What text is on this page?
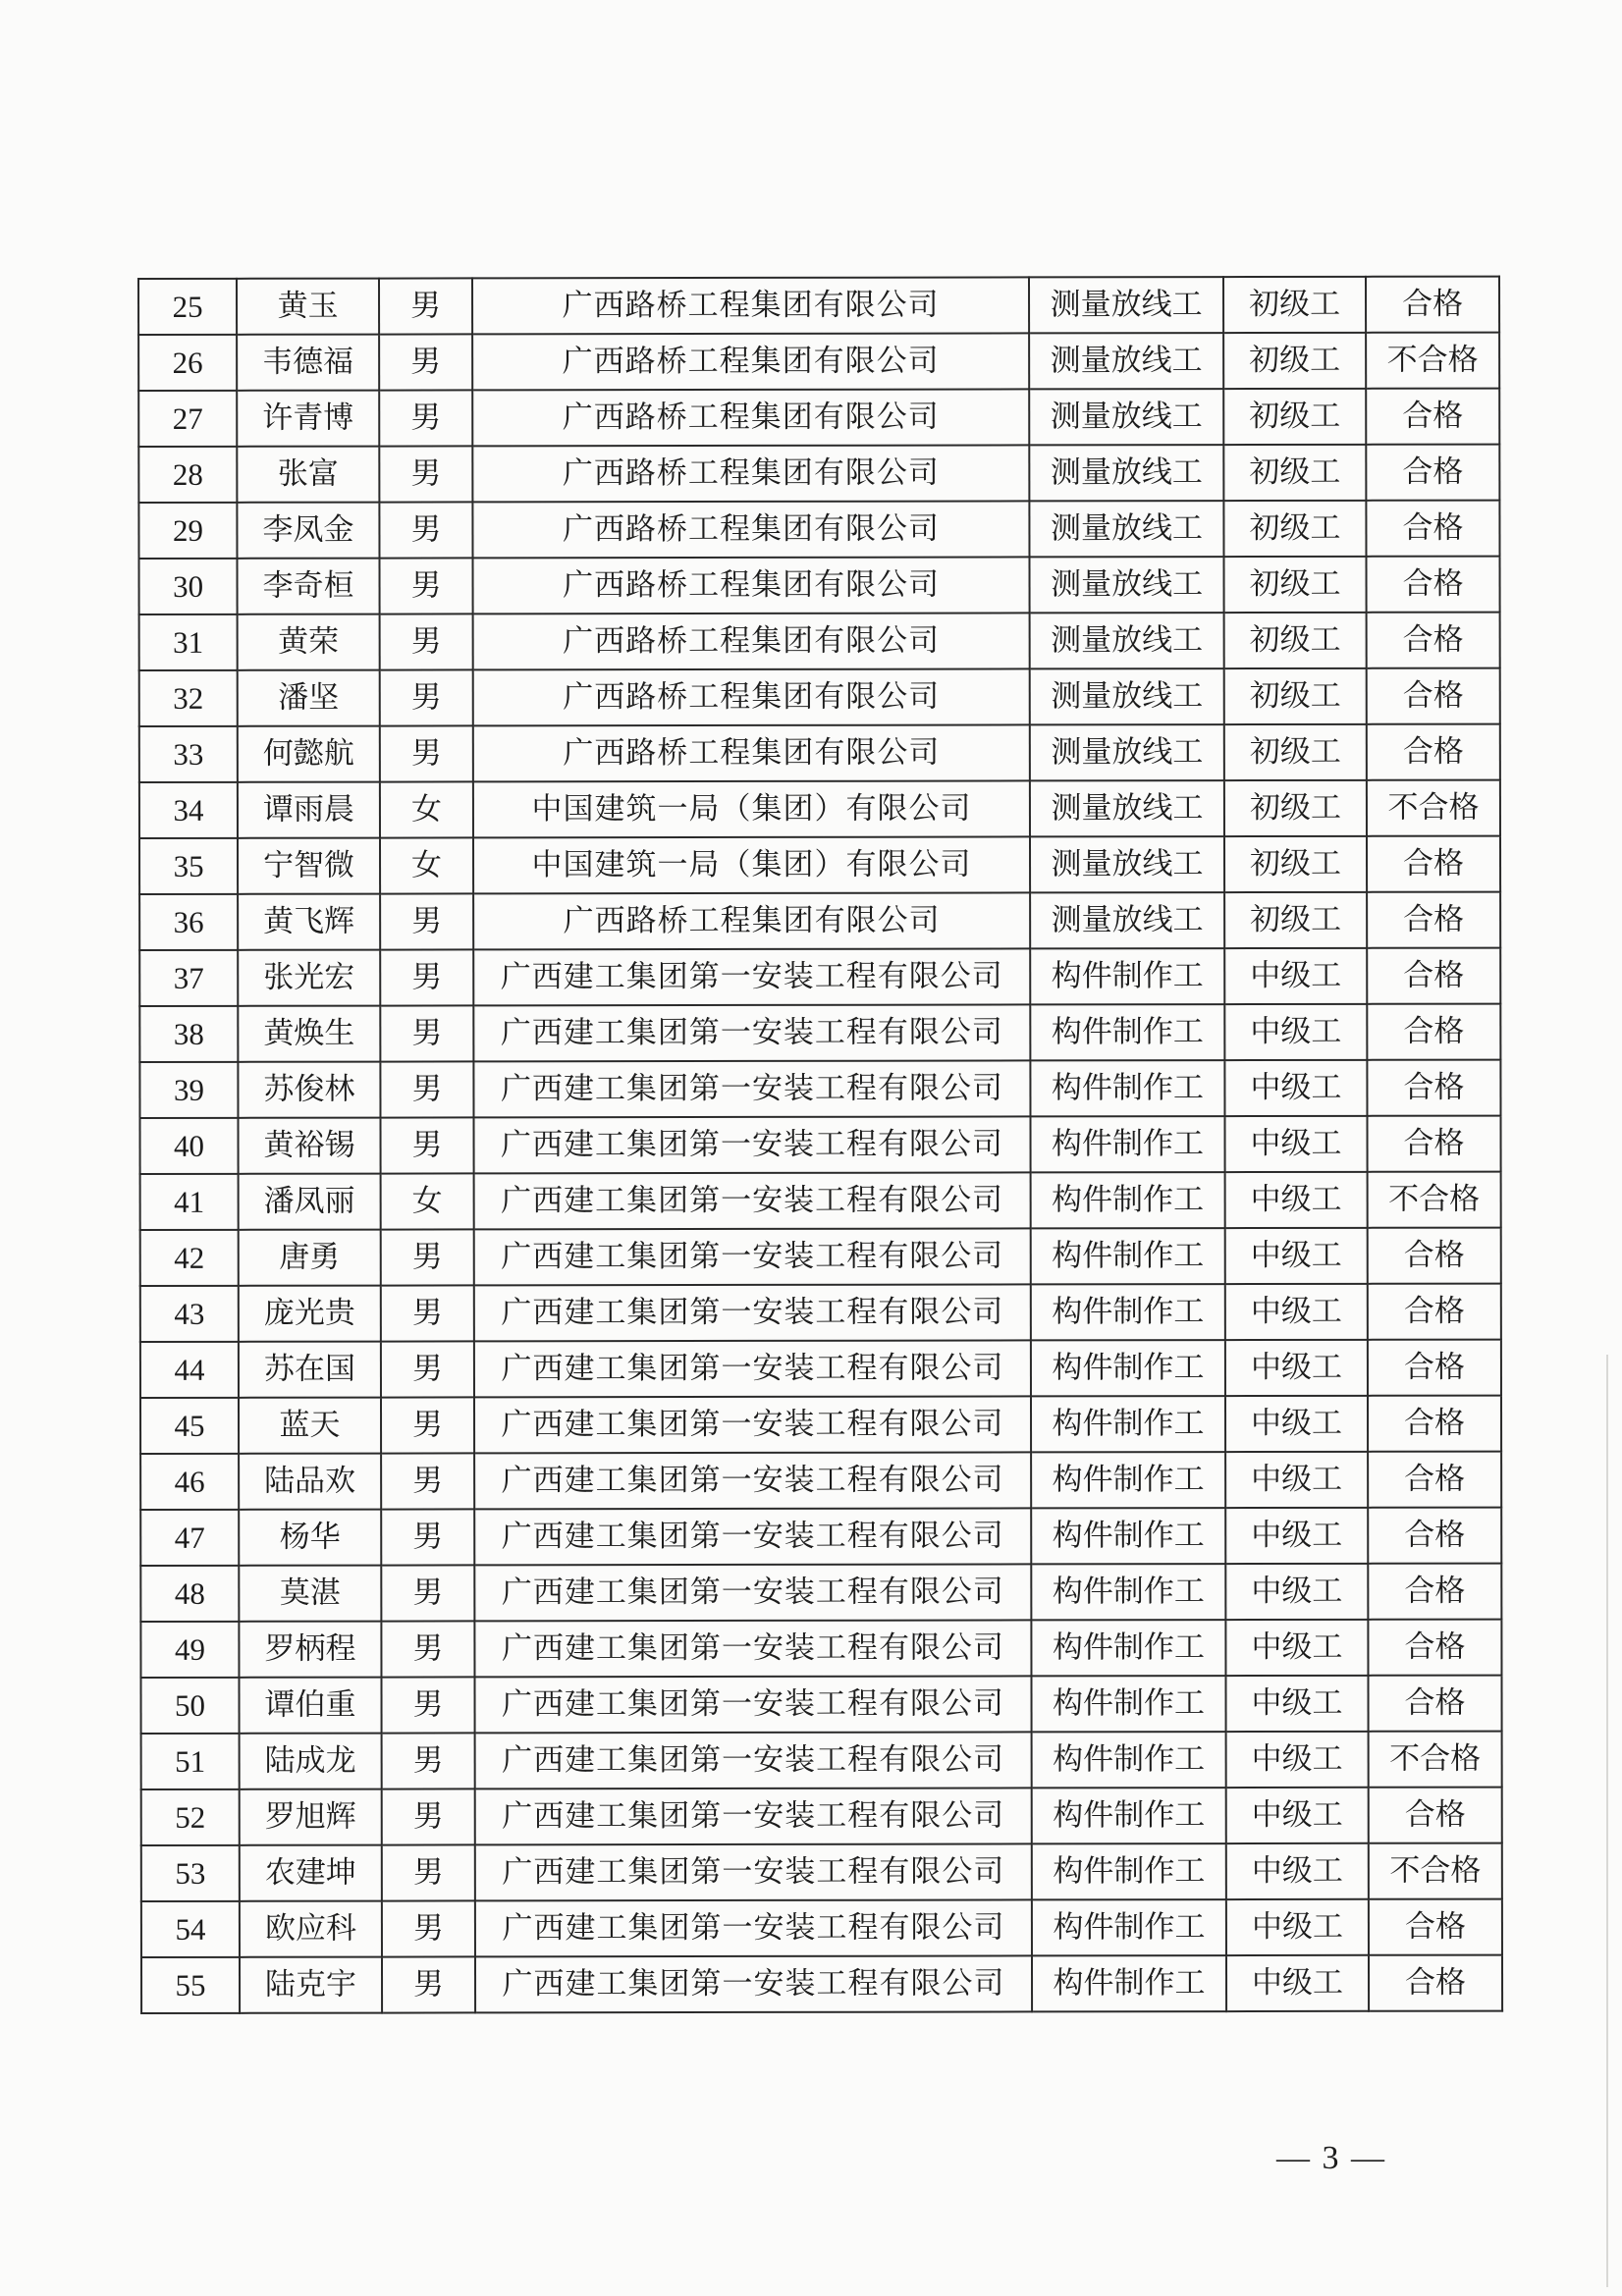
25	黄玉	男	广西路桥工程集团有限公司	测量放线工	初级工	合格
26	韦德福	男	广西路桥工程集团有限公司	测量放线工	初级工	不合格
27	许青博	男	广西路桥工程集团有限公司	测量放线工	初级工	合格
28	张富	男	广西路桥工程集团有限公司	测量放线工	初级工	合格
29	李凤金	男	广西路桥工程集团有限公司	测量放线工	初级工	合格
30	李奇桓	男	广西路桥工程集团有限公司	测量放线工	初级工	合格
31	黄荣	男	广西路桥工程集团有限公司	测量放线工	初级工	合格
32	潘坚	男	广西路桥工程集团有限公司	测量放线工	初级工	合格
33	何懿航	男	广西路桥工程集团有限公司	测量放线工	初级工	合格
34	谭雨晨	女	中国建筑一局（集团）有限公司	测量放线工	初级工	不合格
35	宁智微	女	中国建筑一局（集团）有限公司	测量放线工	初级工	合格
36	黄飞辉	男	广西路桥工程集团有限公司	测量放线工	初级工	合格
37	张光宏	男	广西建工集团第一安装工程有限公司	构件制作工	中级工	合格
38	黄焕生	男	广西建工集团第一安装工程有限公司	构件制作工	中级工	合格
39	苏俊林	男	广西建工集团第一安装工程有限公司	构件制作工	中级工	合格
40	黄裕锡	男	广西建工集团第一安装工程有限公司	构件制作工	中级工	合格
41	潘凤丽	女	广西建工集团第一安装工程有限公司	构件制作工	中级工	不合格
42	唐勇	男	广西建工集团第一安装工程有限公司	构件制作工	中级工	合格
43	庞光贵	男	广西建工集团第一安装工程有限公司	构件制作工	中级工	合格
44	苏在国	男	广西建工集团第一安装工程有限公司	构件制作工	中级工	合格
45	蓝天	男	广西建工集团第一安装工程有限公司	构件制作工	中级工	合格
46	陆品欢	男	广西建工集团第一安装工程有限公司	构件制作工	中级工	合格
47	杨华	男	广西建工集团第一安装工程有限公司	构件制作工	中级工	合格
48	莫湛	男	广西建工集团第一安装工程有限公司	构件制作工	中级工	合格
49	罗柄程	男	广西建工集团第一安装工程有限公司	构件制作工	中级工	合格
50	谭伯重	男	广西建工集团第一安装工程有限公司	构件制作工	中级工	合格
51	陆成龙	男	广西建工集团第一安装工程有限公司	构件制作工	中级工	不合格
52	罗旭辉	男	广西建工集团第一安装工程有限公司	构件制作工	中级工	合格
53	农建坤	男	广西建工集团第一安装工程有限公司	构件制作工	中级工	不合格
54	欧应科	男	广西建工集团第一安装工程有限公司	构件制作工	中级工	合格
55	陆克宇	男	广西建工集团第一安装工程有限公司	构件制作工	中级工	合格
— 3 —
